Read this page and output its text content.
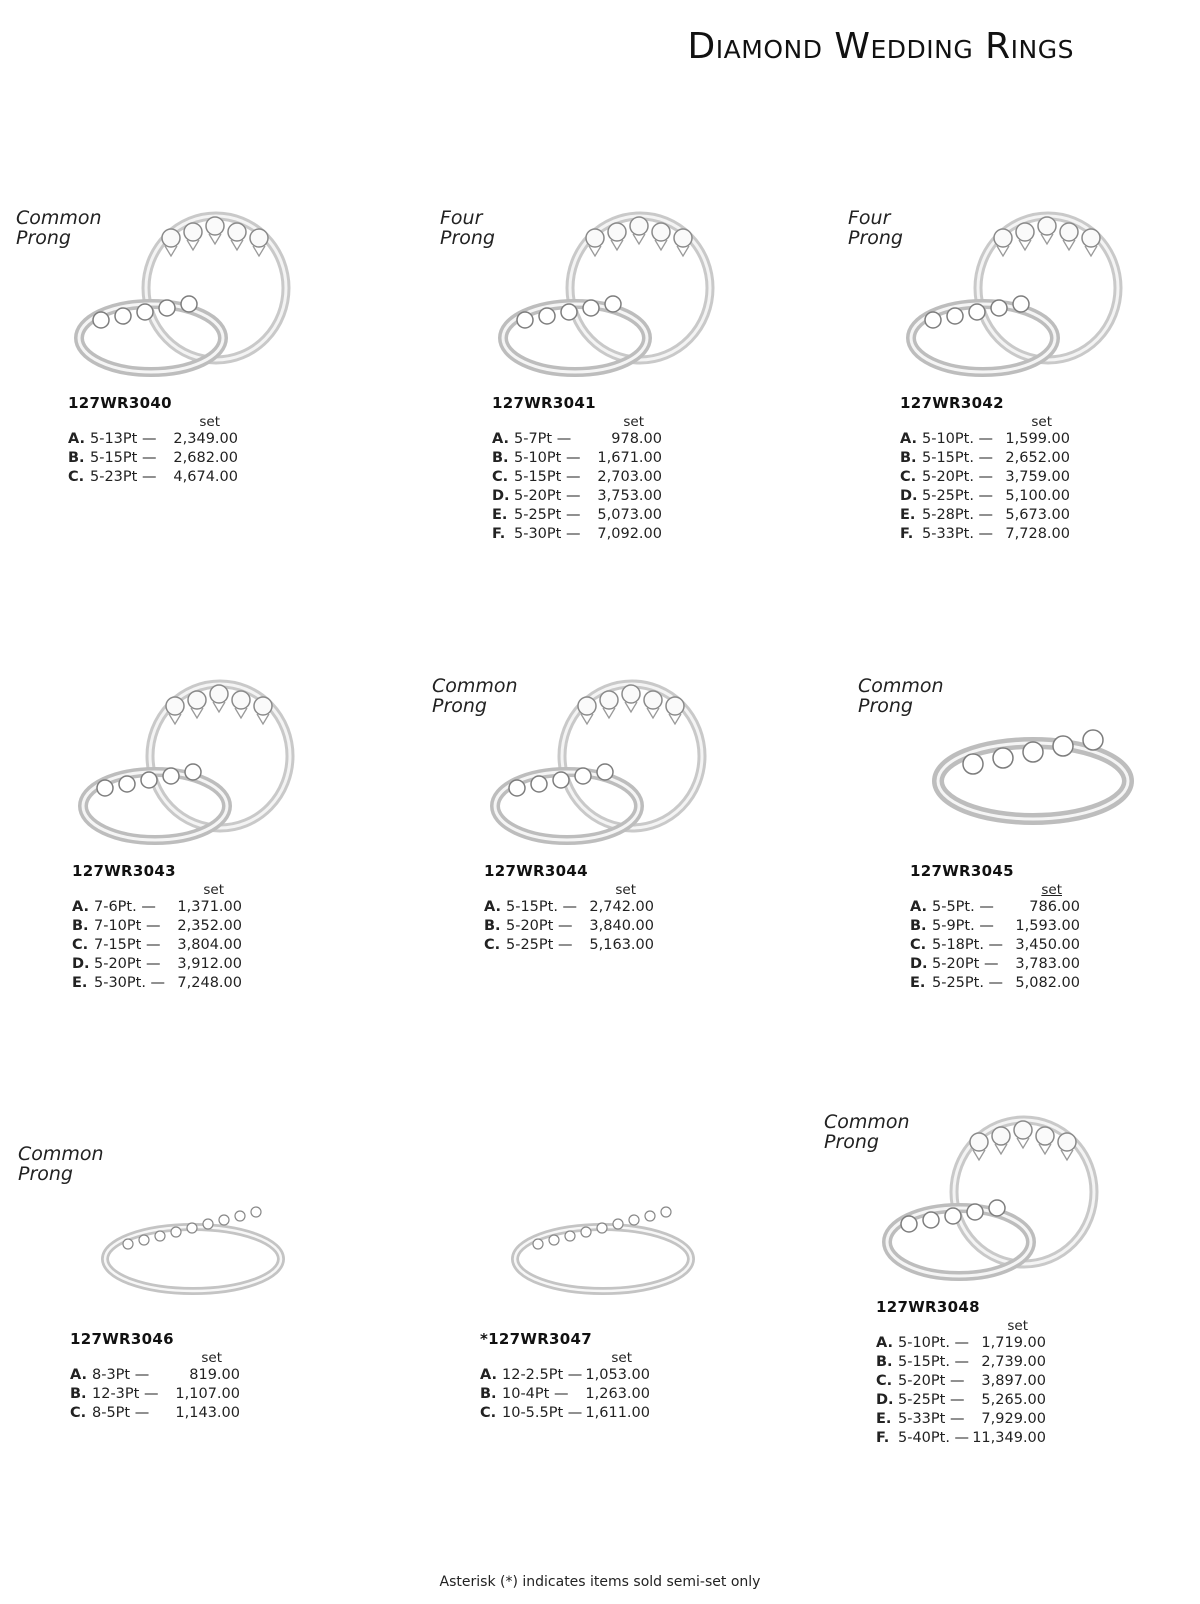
Diamond Wedding Rings

Common
Prong

127WR3040
set
A. 5-13Pt —	2,349.00
B. 5-15Pt —	2,682.00
C. 5-23Pt —	4,674.00

Four
Prong

127WR3041
set
A. 5-7Pt —	978.00
B. 5-10Pt —	1,671.00
C. 5-15Pt —	2,703.00
D. 5-20Pt —	3,753.00
E. 5-25Pt —	5,073.00
F. 5-30Pt —	7,092.00

Four
Prong

127WR3042
set
A. 5-10Pt. — 1,599.00
B. 5-15Pt. — 2,652.00
C. 5-20Pt. — 3,759.00
D. 5-25Pt. — 5,100.00
E. 5-28Pt. — 5,673.00
F. 5-33Pt. — 7,728.00
127WR3043
set
A. 7-6Pt. —	1,371.00
B. 7-10Pt —	2,352.00
C. 7-15Pt —	3,804.00
D. 5-20Pt —	3,912.00
E. 5-30Pt. — 7,248.00

Common
Prong

127WR3044
set
A. 5-15Pt. — 2,742.00
B. 5-20Pt —	3,840.00
C. 5-25Pt —	5,163.00

Common
Prong

127WR3045
set
A. 5-5Pt. —	786.00
B. 5-9Pt. —	1,593.00
C. 5-18Pt. — 3,450.00
D. 5-20Pt —	3,783.00
E. 5-25Pt. — 5,082.00

Common
Prong

127WR3046
set
A. 8-3Pt —	819.00
B. 12-3Pt —	1,107.00
C. 8-5Pt —	1,143.00
*127WR3047
set
A. 12-2.5Pt — 1,053.00
B. 10-4Pt —	1,263.00
C. 10-5.5Pt — 1,611.00

Common
Prong

127WR3048
set
A. 5-10Pt. — 1,719.00
B. 5-15Pt. — 2,739.00
C. 5-20Pt —	3,897.00
D. 5-25Pt —	5,265.00
E. 5-33Pt —	7,929.00
F. 5-40Pt. — 11,349.00

Asterisk (*) indicates items sold semi-set only
